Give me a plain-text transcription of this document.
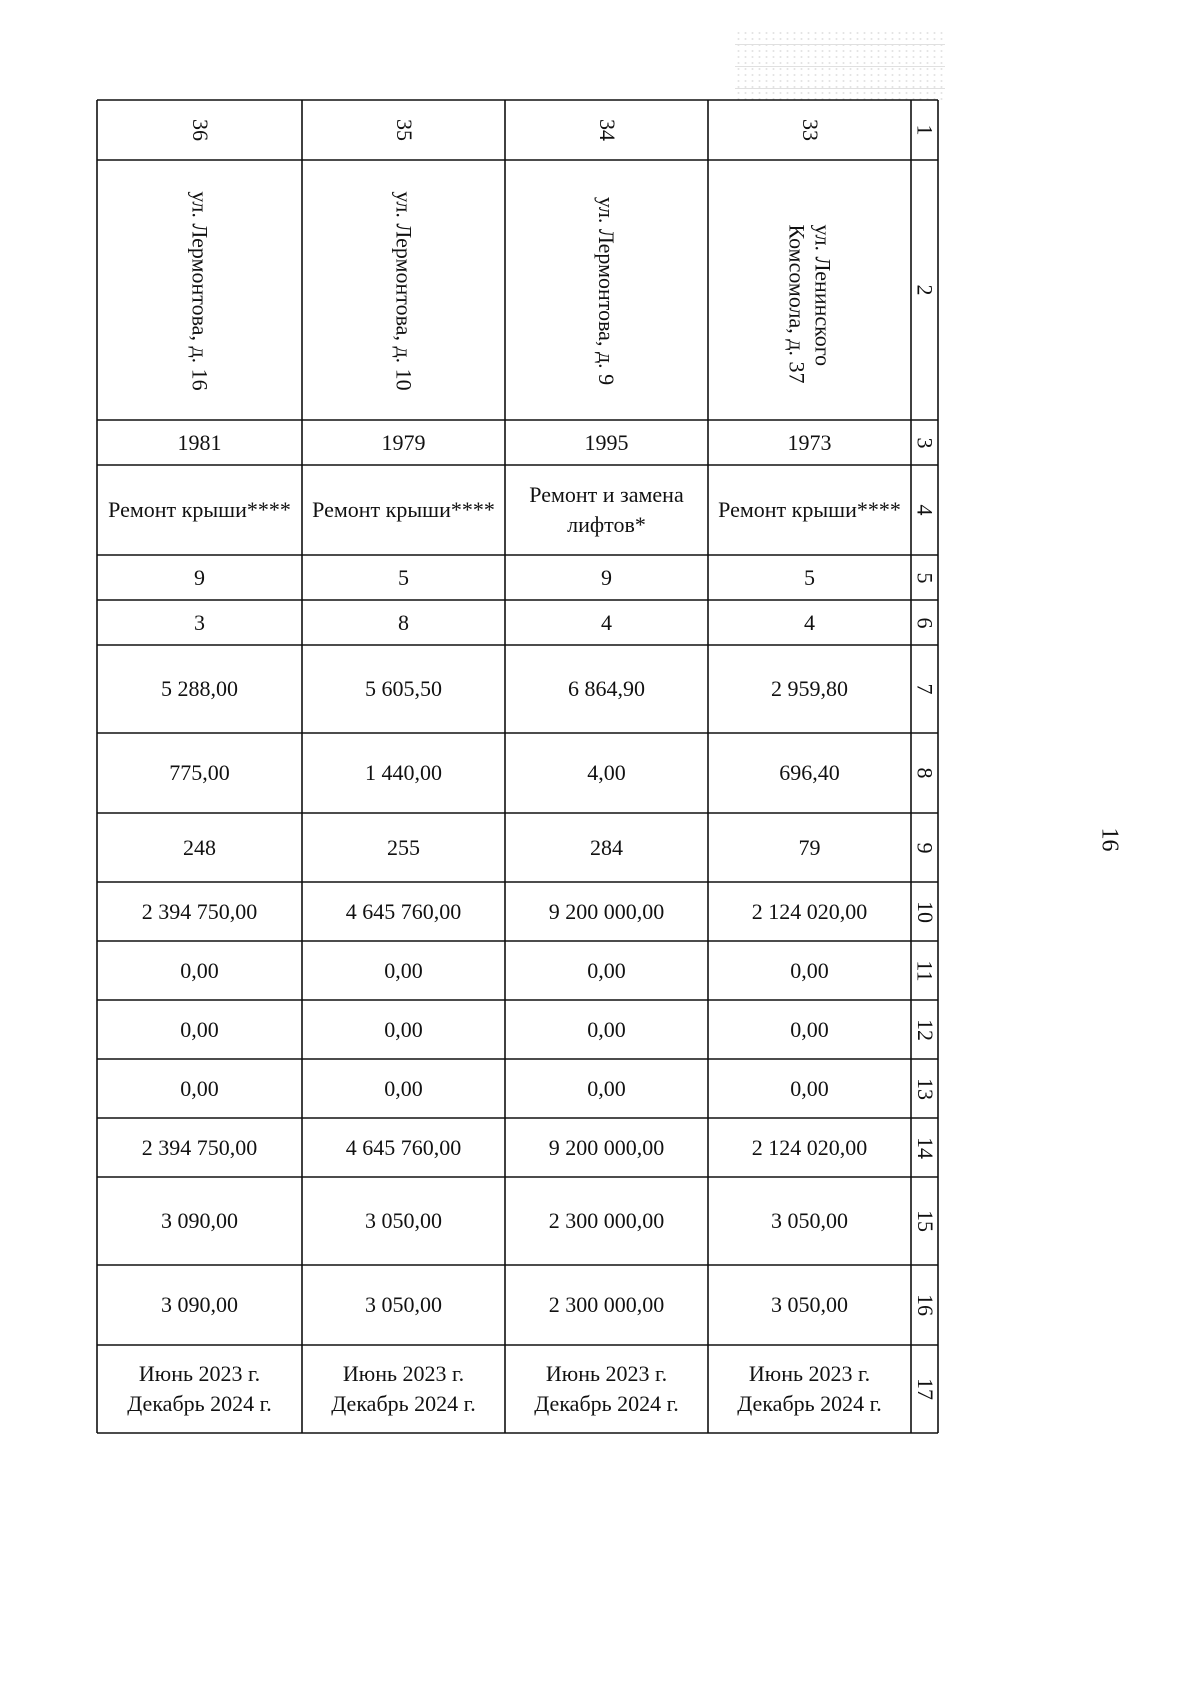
16
1
2
3
4
5
6
7
8
9
10
11
12
13
14
15
16
17
36
ул. Лермонтова, д. 16
1981
Ремонт крыши****
9
3
5 288,00
775,00
248
2 394 750,00
0,00
0,00
0,00
2 394 750,00
3 090,00
3 090,00
Июнь 2023 г.
Декабрь 2024 г.
35
ул. Лермонтова, д. 10
1979
Ремонт крыши****
5
8
5 605,50
1 440,00
255
4 645 760,00
0,00
0,00
0,00
4 645 760,00
3 050,00
3 050,00
Июнь 2023 г.
Декабрь 2024 г.
34
ул. Лермонтова, д. 9
1995
Ремонт и замена лифтов*
9
4
6 864,90
4,00
284
9 200 000,00
0,00
0,00
0,00
9 200 000,00
2 300 000,00
2 300 000,00
Июнь 2023 г.
Декабрь 2024 г.
33
ул. Ленинского
Комсомола, д. 37
1973
Ремонт крыши****
5
4
2 959,80
696,40
79
2 124 020,00
0,00
0,00
0,00
2 124 020,00
3 050,00
3 050,00
Июнь 2023 г.
Декабрь 2024 г.
